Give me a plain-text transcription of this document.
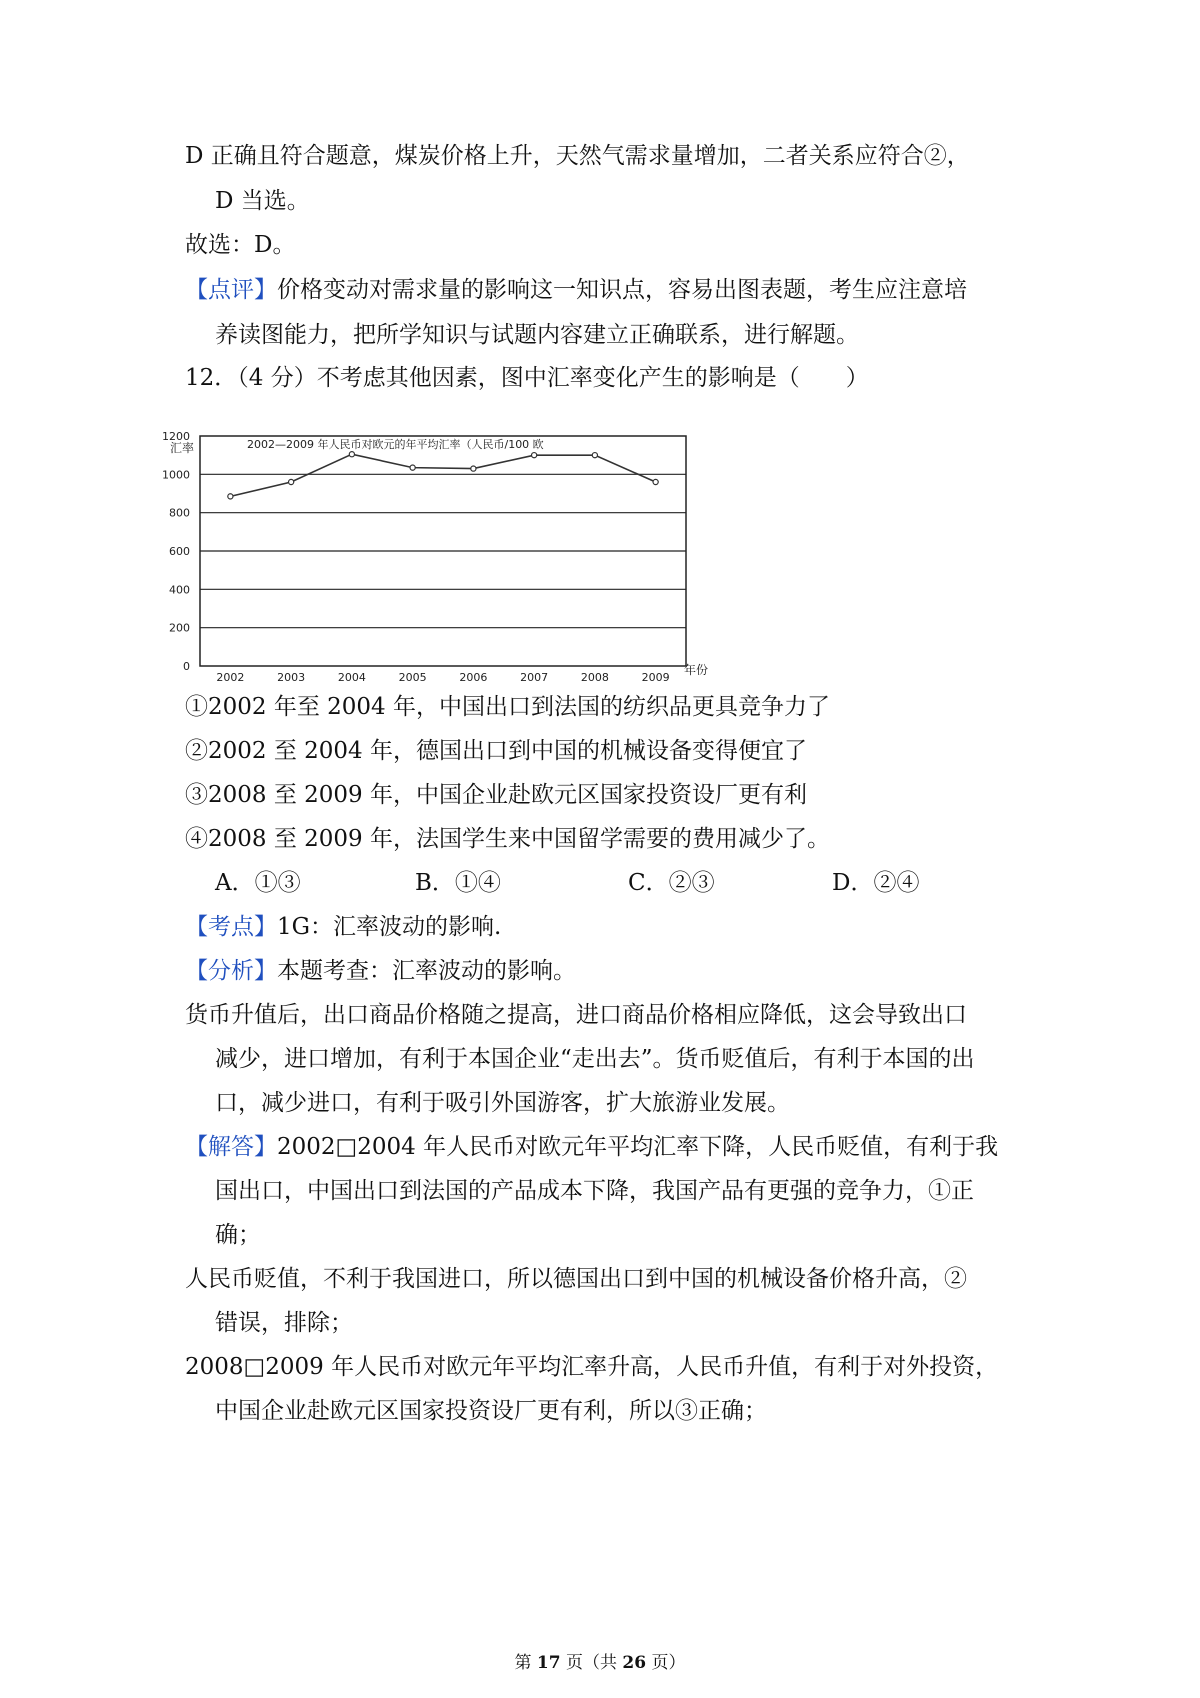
D 正确且符合题意，煤炭价格上升，天然气需求量增加，二者关系应符合②，
D 当选。
故选：D。
【点评】价格变动对需求量的影响这一知识点，容易出图表题，考生应注意培
养读图能力，把所学知识与试题内容建立正确联系，进行解题。
12．（4 分）不考虑其他因素，图中汇率变化产生的影响是（　　）
汇率	2002—2009 年人民币对欧元的年平均汇率（人民币/100 欧
0
200
400
600
800
1000
1200
2002	2003	2004	2005	2006	2007	2008	2009
年份
①2002 年至 2004 年，中国出口到法国的纺织品更具竞争力了
②2002 至 2004 年，德国出口到中国的机械设备变得便宜了
③2008 至 2009 年，中国企业赴欧元区国家投资设厂更有利
④2008 至 2009 年，法国学生来中国留学需要的费用减少了。
A．①③	B．①④	C．②③	D．②④
【考点】1G：汇率波动的影响.
【分析】本题考查：汇率波动的影响。
货币升值后，出口商品价格随之提高，进口商品价格相应降低，这会导致出口
减少，进口增加，有利于本国企业“走出去”。货币贬值后，有利于本国的出
口，减少进口，有利于吸引外国游客，扩大旅游业发展。
【解答】2002□2004 年人民币对欧元年平均汇率下降，人民币贬值，有利于我
国出口，中国出口到法国的产品成本下降，我国产品有更强的竞争力，①正
确；
人民币贬值，不利于我国进口，所以德国出口到中国的机械设备价格升高，②
错误，排除；
2008□2009 年人民币对欧元年平均汇率升高，人民币升值，有利于对外投资，
中国企业赴欧元区国家投资设厂更有利，所以③正确；
第 17 页（共 26 页）
